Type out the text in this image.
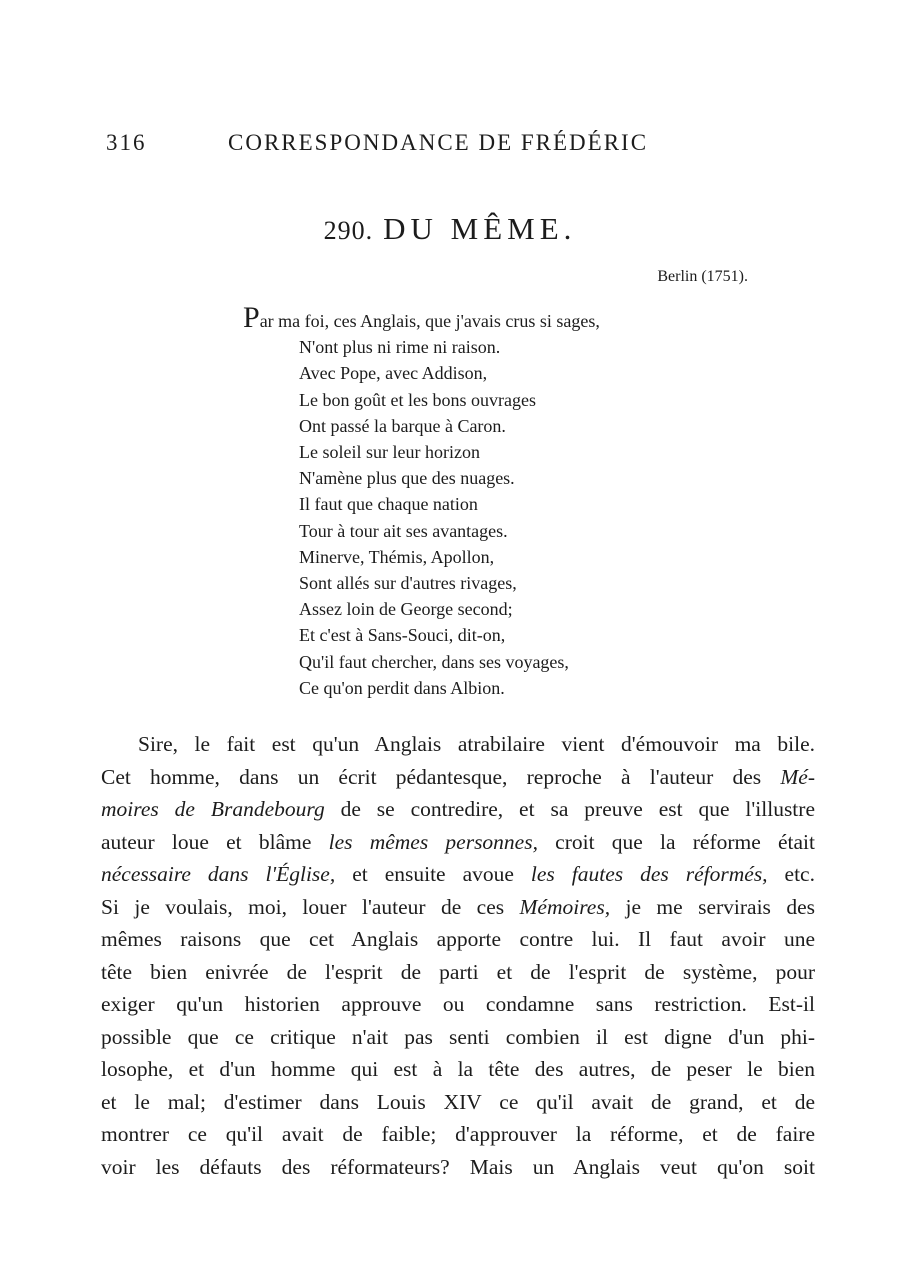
316	CORRESPONDANCE DE FRÉDÉRIC
290. DU MÊME.
Berlin (1751).
Par ma foi, ces Anglais, que j'avais crus si sages,
N'ont plus ni rime ni raison.
Avec Pope, avec Addison,
Le bon goût et les bons ouvrages
Ont passé la barque à Caron.
Le soleil sur leur horizon
N'amène plus que des nuages.
Il faut que chaque nation
Tour à tour ait ses avantages.
Minerve, Thémis, Apollon,
Sont allés sur d'autres rivages,
Assez loin de George second;
Et c'est à Sans-Souci, dit-on,
Qu'il faut chercher, dans ses voyages,
Ce qu'on perdit dans Albion.
Sire, le fait est qu'un Anglais atrabilaire vient d'émouvoir ma bile.
Cet homme, dans un écrit pédantesque, reproche à l'auteur des Mé-
moires de Brandebourg de se contredire, et sa preuve est que l'illustre
auteur loue et blâme les mêmes personnes, croit que la réforme était
nécessaire dans l'Église, et ensuite avoue les fautes des réformés, etc.
Si je voulais, moi, louer l'auteur de ces Mémoires, je me servirais des
mêmes raisons que cet Anglais apporte contre lui. Il faut avoir une
tête bien enivrée de l'esprit de parti et de l'esprit de système, pour
exiger qu'un historien approuve ou condamne sans restriction. Est-il
possible que ce critique n'ait pas senti combien il est digne d'un phi-
losophe, et d'un homme qui est à la tête des autres, de peser le bien
et le mal; d'estimer dans Louis XIV ce qu'il avait de grand, et de
montrer ce qu'il avait de faible; d'approuver la réforme, et de faire
voir les défauts des réformateurs? Mais un Anglais veut qu'on soit
